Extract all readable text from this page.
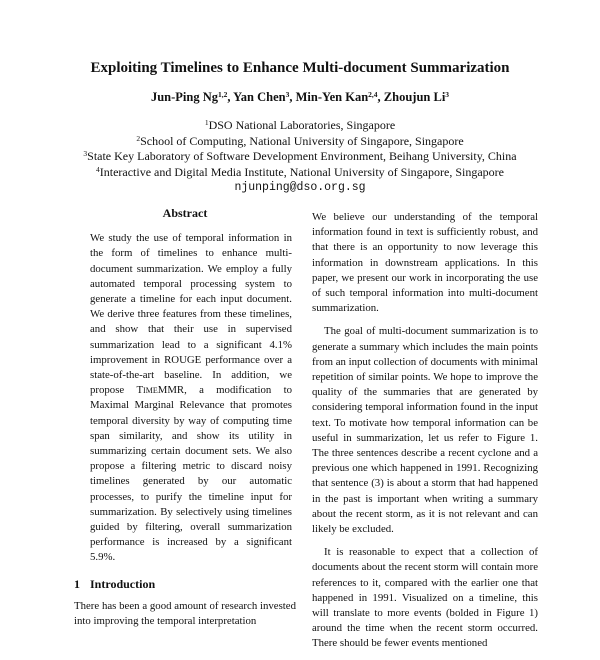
Exploiting Timelines to Enhance Multi-document Summarization
Jun-Ping Ng$^{1,2}$, Yan Chen$^3$, Min-Yen Kan$^{2,4}$, Zhoujun Li$^3$
$^1$DSO National Laboratories, Singapore
$^2$School of Computing, National University of Singapore, Singapore
$^3$State Key Laboratory of Software Development Environment, Beihang University, China
$^4$Interactive and Digital Media Institute, National University of Singapore, Singapore
njunping@dso.org.sg
Abstract
We study the use of temporal information in the form of timelines to enhance multi-document summarization. We employ a fully automated temporal processing system to generate a timeline for each input document. We derive three features from these timelines, and show that their use in supervised summarization lead to a significant 4.1% improvement in ROUGE performance over a state-of-the-art baseline. In addition, we propose TimeMMR, a modification to Maximal Marginal Relevance that promotes temporal diversity by way of computing time span similarity, and show its utility in summarizing certain document sets. We also propose a filtering metric to discard noisy timelines generated by our automatic processes, to purify the timeline input for summarization. By selectively using timelines guided by filtering, overall summarization performance is increased by a significant 5.9%.
1 Introduction
There has been a good amount of research invested into improving the temporal interpretation
We believe our understanding of the temporal information found in text is sufficiently robust, and that there is an opportunity to now leverage this information in downstream applications. In this paper, we present our work in incorporating the use of such temporal information into multi-document summarization.
The goal of multi-document summarization is to generate a summary which includes the main points from an input collection of documents with minimal repetition of similar points. We hope to improve the quality of the summaries that are generated by considering temporal information found in the input text. To motivate how temporal information can be useful in summarization, let us refer to Figure 1. The three sentences describe a recent cyclone and a previous one which happened in 1991. Recognizing that sentence (3) is about a storm that had happened in the past is important when writing a summary about the recent storm, as it is not relevant and can likely be excluded.
It is reasonable to expect that a collection of documents about the recent storm will contain more references to it, compared with the earlier one that happened in 1991. Visualized on a timeline, this will translate to more events (bolded in Figure 1) around the time when the recent storm occurred. There should be fewer events mentioned
